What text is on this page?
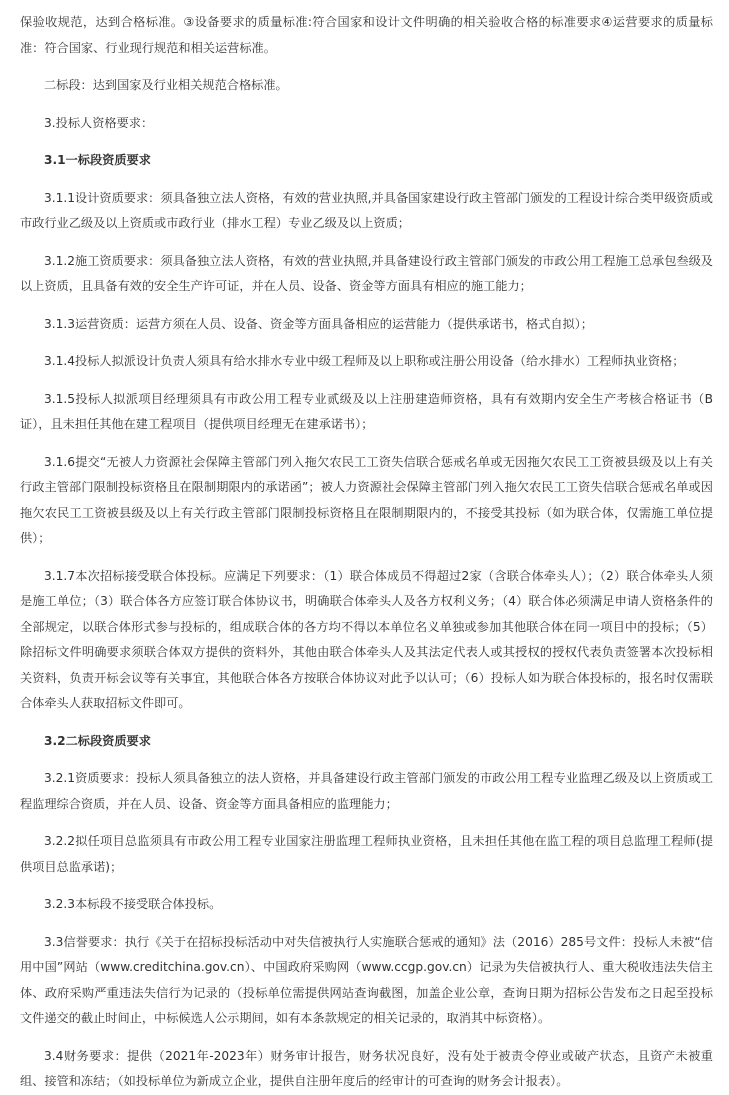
保验收规范，达到合格标准。③设备要求的质量标准:符合国家和设计文件明确的相关验收合格的标准要求④运营要求的质量标准：符合国家、行业现行规范和相关运营标准。

二标段：达到国家及行业相关规范合格标准。

3.投标人资格要求：

3.1一标段资质要求

3.1.1设计资质要求：须具备独立法人资格，有效的营业执照,并具备国家建设行政主管部门颁发的工程设计综合类甲级资质或市政行业乙级及以上资质或市政行业（排水工程）专业乙级及以上资质；

3.1.2施工资质要求：须具备独立法人资格，有效的营业执照,并具备建设行政主管部门颁发的市政公用工程施工总承包叁级及以上资质，且具备有效的安全生产许可证，并在人员、设备、资金等方面具有相应的施工能力；

3.1.3运营资质：运营方须在人员、设备、资金等方面具备相应的运营能力（提供承诺书，格式自拟）；

3.1.4投标人拟派设计负责人须具有给水排水专业中级工程师及以上职称或注册公用设备（给水排水）工程师执业资格；

3.1.5投标人拟派项目经理须具有市政公用工程专业贰级及以上注册建造师资格，具有有效期内安全生产考核合格证书（B证），且未担任其他在建工程项目（提供项目经理无在建承诺书）；

3.1.6提交“无被人力资源社会保障主管部门列入拖欠农民工工资失信联合惩戒名单或无因拖欠农民工工资被县级及以上有关行政主管部门限制投标资格且在限制期限内的承诺函”；被人力资源社会保障主管部门列入拖欠农民工工资失信联合惩戒名单或因拖欠农民工工资被县级及以上有关行政主管部门限制投标资格且在限制期限内的，不接受其投标（如为联合体，仅需施工单位提供）；

3.1.7本次招标接受联合体投标。应满足下列要求：（1）联合体成员不得超过2家（含联合体牵头人）；（2）联合体牵头人须是施工单位；（3）联合体各方应签订联合体协议书，明确联合体牵头人及各方权利义务；（4）联合体必须满足申请人资格条件的全部规定，以联合体形式参与投标的，组成联合体的各方均不得以本单位名义单独或参加其他联合体在同一项目中的投标；（5）除招标文件明确要求须联合体双方提供的资料外，其他由联合体牵头人及其法定代表人或其授权的授权代表负责签署本次投标相关资料，负责开标会议等有关事宜，其他联合体各方按联合体协议对此予以认可；（6）投标人如为联合体投标的，报名时仅需联合体牵头人获取招标文件即可。

3.2二标段资质要求

3.2.1资质要求：投标人须具备独立的法人资格，并具备建设行政主管部门颁发的市政公用工程专业监理乙级及以上资质或工程监理综合资质，并在人员、设备、资金等方面具备相应的监理能力；

3.2.2拟任项目总监须具有市政公用工程专业国家注册监理工程师执业资格，且未担任其他在监工程的项目总监理工程师(提供项目总监承诺)；

3.2.3本标段不接受联合体投标。

3.3信誉要求：执行《关于在招标投标活动中对失信被执行人实施联合惩戒的通知》法（2016）285号文件：投标人未被“信用中国”网站（www.creditchina.gov.cn）、中国政府采购网（www.ccgp.gov.cn）记录为失信被执行人、重大税收违法失信主体、政府采购严重违法失信行为记录的（投标单位需提供网站查询截图，加盖企业公章，查询日期为招标公告发布之日起至投标文件递交的截止时间止，中标候选人公示期间，如有本条款规定的相关记录的，取消其中标资格）。

3.4财务要求：提供（2021年-2023年）财务审计报告，财务状况良好，没有处于被责令停业或破产状态，且资产未被重组、接管和冻结；（如投标单位为新成立企业，提供自注册年度后的经审计的可查询的财务会计报表）。
